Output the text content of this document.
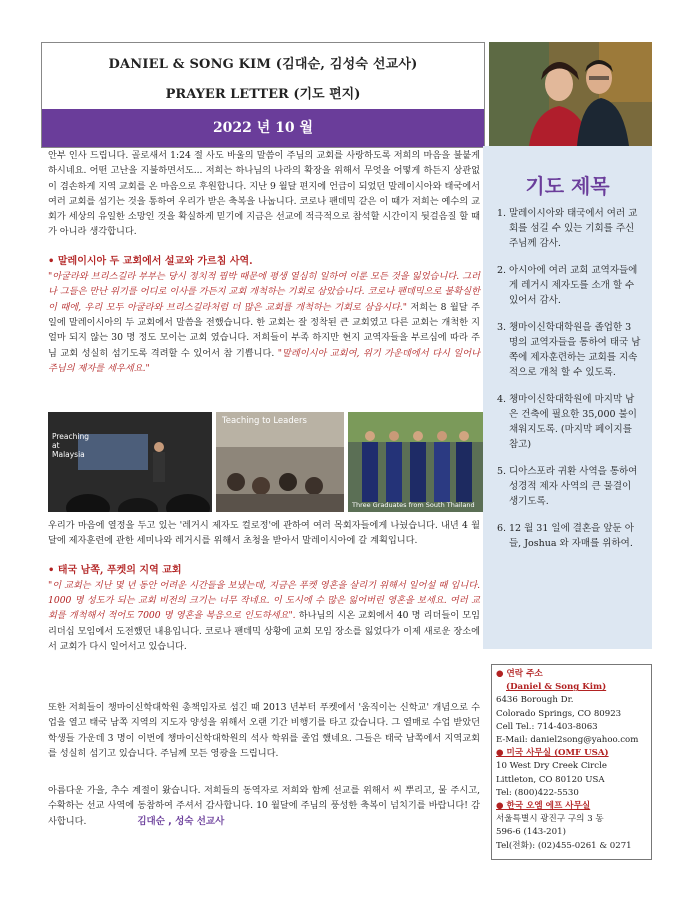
DANIEL & SONG KIM (김대순, 김성숙 선교사)
PRAYER LETTER (기도 편지)
2022 년 10 월

안부 인사 드립니다. 골로새서 1:24 절 사도 바울의 말씀이 주님의 교회를 사랑하도록 저희의 마음을 불붙게 하시네요. 어떤 고난을 지불하면서도... 저희는 하나님의 나라의 확장을 위해서 무엇을 어떻게 하든지 상관없이 겸손하게 지역 교회를 온 마음으로 후원합니다. 지난 9 월달 편지에 언급이 되었던 말레이시아와 태국에서 여러 교회를 섬기는 것을 통하여 우리가 받은 축복을 나눕니다. 코로나 팬데믹 같은 이 때가 저희는 예수의 교회가 세상의 유일한 소망인 것을 확실하게 믿기에 지금은 선교에 적극적으로 참석할 시간이지 뒷걸음질 할 때가 아니라 생각합니다.

• 말레이시아 두 교회에서 설교와 가르침 사역.

"아굴라와 브리스길라 부부는 당시 정치적 핍박 때문에 평생 열심히 일하여 이룬 모든 것을 잃었습니다. 그러나 그들은 만난 위기를 어디로 이사를 가든지 교회 개척하는 기회로 삼았습니다. 코로나 팬데믹으로 불확실한 이 때에, 우리 모두 아굴라와 브리스길라처럼 더 많은 교회를 개척하는 기회로 삼읍시다." 저희는 8 월달 주일에 말레이시아의 두 교회에서 말씀을 전했습니다. 한 교회는 잘 정착된 큰 교회였고 다른 교회는 개척한 지 얼마 되지 않는 30 명 정도 모이는 교회 였습니다. 저희들이 부족 하지만 현지 교역자들을 부르심에 따라 주님 교회 성실히 섬기도록 격려할 수 있어서 참 기쁩니다. "말레이시아 교회여, 위기 가운데에서 다시 일어나 주님의 제자를 세우세요."

Preaching at Malaysia
Teaching to Leaders
Three Graduates from South Thailand

우리가 마음에 열정을 두고 있는 '레거시 제자도 컬로정'에 관하여 여러 목회자들에게 나눴습니다. 내년 4 월달에 제자훈련에 관한 세미나와 레거시를 위해서 초청을 받아서 말레이시아에 갈 계획입니다.

• 태국 남쪽, 푸켓의 지역 교회

"이 교회는 지난 몇 년 동안 어려운 시간들을 보냈는데, 지금은 푸켓 영혼을 살리기 위해서 일어설 때 입니다. 1000 명 성도가 되는 교회 비전의 크기는 너무 작네요. 이 도시에 수 많은 잃어버린 영혼을 보세요. 여러 교회를 개척해서 적어도 7000 명 영혼을 복음으로 인도하세요". 하나님의 시온 교회에서 40 명 리더들이 모임 리더십 모임에서 도전했던 내용입니다. 코로나 팬데믹 상황에 교회 모임 장소를 잃었다가 이제 새로운 장소에서 교회가 다시 일어서고 있습니다.

또한 저희들이 챙마이신학대학원 총책임자로 섬긴 때 2013 년부터 푸켓에서 '움직이는 신학교' 개념으로 수업을 열고 태국 남쪽 지역의 지도자 양성을 위해서 오랜 기간 비행기를 타고 갔습니다. 그 열매로 수업 받았던 학생들 가운데 3 명이 이번에 챙마이신학대학원의 석사 학위를 졸업 했네요. 그들은 태국 남쪽에서 지역교회를 성실히 섬기고 있습니다. 주님께 모든 영광을 드립니다.

아름다운 가을, 추수 계절이 왔습니다. 저희들의 동역자로 저희와 함께 선교를 위해서 씨 뿌리고, 물 주시고, 수확하는 선교 사역에 동참하여 주셔서 감사합니다. 10 월달에 주님의 풍성한 축복이 넘치기를 바랍니다! 감사합니다.	김대순 , 성숙 선교사

기도 제목
1. 말레이시아와 태국에서 여러 교회를 섬길 수 있는 기회를 주신 주님께 감사.
2. 아시아에 여러 교회 교역자들에게 레거시 제자도를 소개 할 수 있어서 감사.
3. 챙마이신학대학원을 졸업한 3 명의 교역자들을 통하여 태국 남쪽에 제자훈련하는 교회를 지속적으로 개척 할 수 있도록.
4. 챙마이신학대학원에 마지막 남은 건축에 필요한 35,000 불이 채워지도록. (마지막 페이지를 참고)
5. 디아스포라 귀환 사역을 통하여 성경적 제자 사역의 큰 물결이 생기도록.
6. 12 월 31 일에 결혼을 앞둔 아들, Joshua 와 자매를 위하여.
● 연락 주소
(Daniel & Song Kim)
6436 Borough Dr.
Colorado Springs, CO 80923
Cell Tel.: 714-403-8063
E-Mail: daniel2song@yahoo.com
● 미국 사무실 (OMF USA)
10 West Dry Creek Circle
Littleton, CO 80120 USA
Tel: (800)422-5530
● 한국 오엠 에프 사무실
서울특별시 광진구 구의 3 동
596-6 (143-201)
Tel(전화): (02)455-0261 & 0271
